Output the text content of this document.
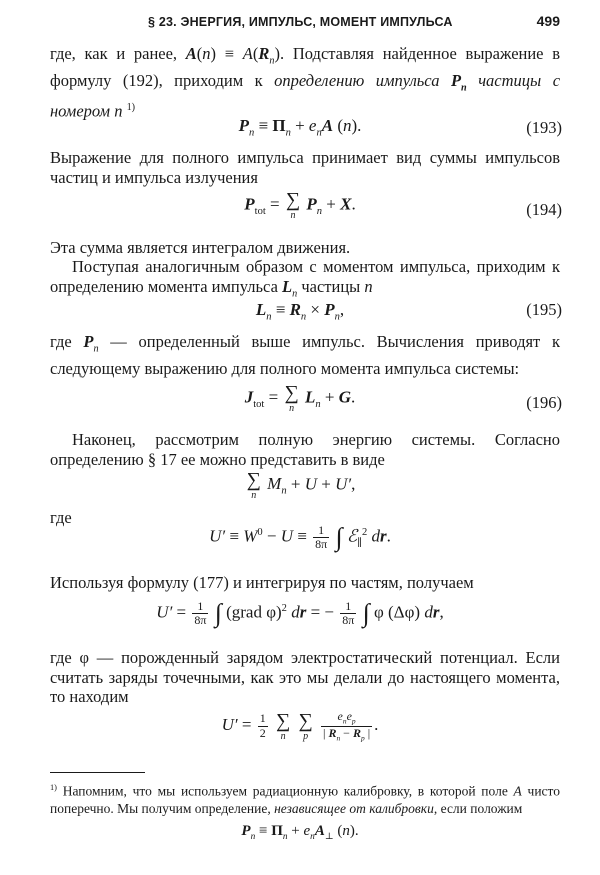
§ 23. ЭНЕРГИЯ, ИМПУЛЬС, МОМЕНТ ИМПУЛЬСА	499

где, как и ранее, $A(n) \equiv A(R_n)$. Подставляя найденное выражение в формулу (192), приходим к определению импульса $P_n$ частицы с номером n $^{1)}$

$P_n \equiv \Pi_n + e_nA$ (n).	(193)

Выражение для полного импульса принимает вид суммы импульсов частиц и импульса излучения

$P_{tot}$ = ∑
n
$P_n + X$.	(194)

Эта сумма является интегралом движения.

Поступая аналогичным образом с моментом импульса, приходим к определению момента импульса $L_n$ частицы n

$L_n \equiv R_n \times P_n$,	(195)

где $P_n$ — определенный выше импульс. Вычисления приводят к следующему выражению для полного момента импульса системы:

$J_{tot}$ = ∑
n
$L_n + G$.	(196)

Наконец, рассмотрим полную энергию системы. Согласно определению § 17 ее можно представить в виде

∑
n
$M_n + U + U'$,

где

$U' \equiv W^0 - U \equiv \frac{1}{8\pi}$ ∫ ℰ$_\parallel^2$ dr.

Используя формулу (177) и интегрируя по частям, получаем

$U' = \frac{1}{8\pi}$ ∫ (grad φ)$^2$ dr = − $\frac{1}{8\pi}$ ∫ φ (Δφ) dr,

где φ — порожденный зарядом электростатический потенциал. Если считать заряды точечными, как это мы делали до настоящего момента, то находим

$U' = \frac{1}{2}$
∑
n

∑
p
	$\frac{e_ne_p}{| R_n - R_p |}$ .

$^{1)}$ Напомним, что мы используем радиационную калибровку, в которой поле A чисто поперечно. Мы получим определение, независящее от калибровки, если положим

$P_n \equiv \Pi_n + e_nA_\perp$ (n).
